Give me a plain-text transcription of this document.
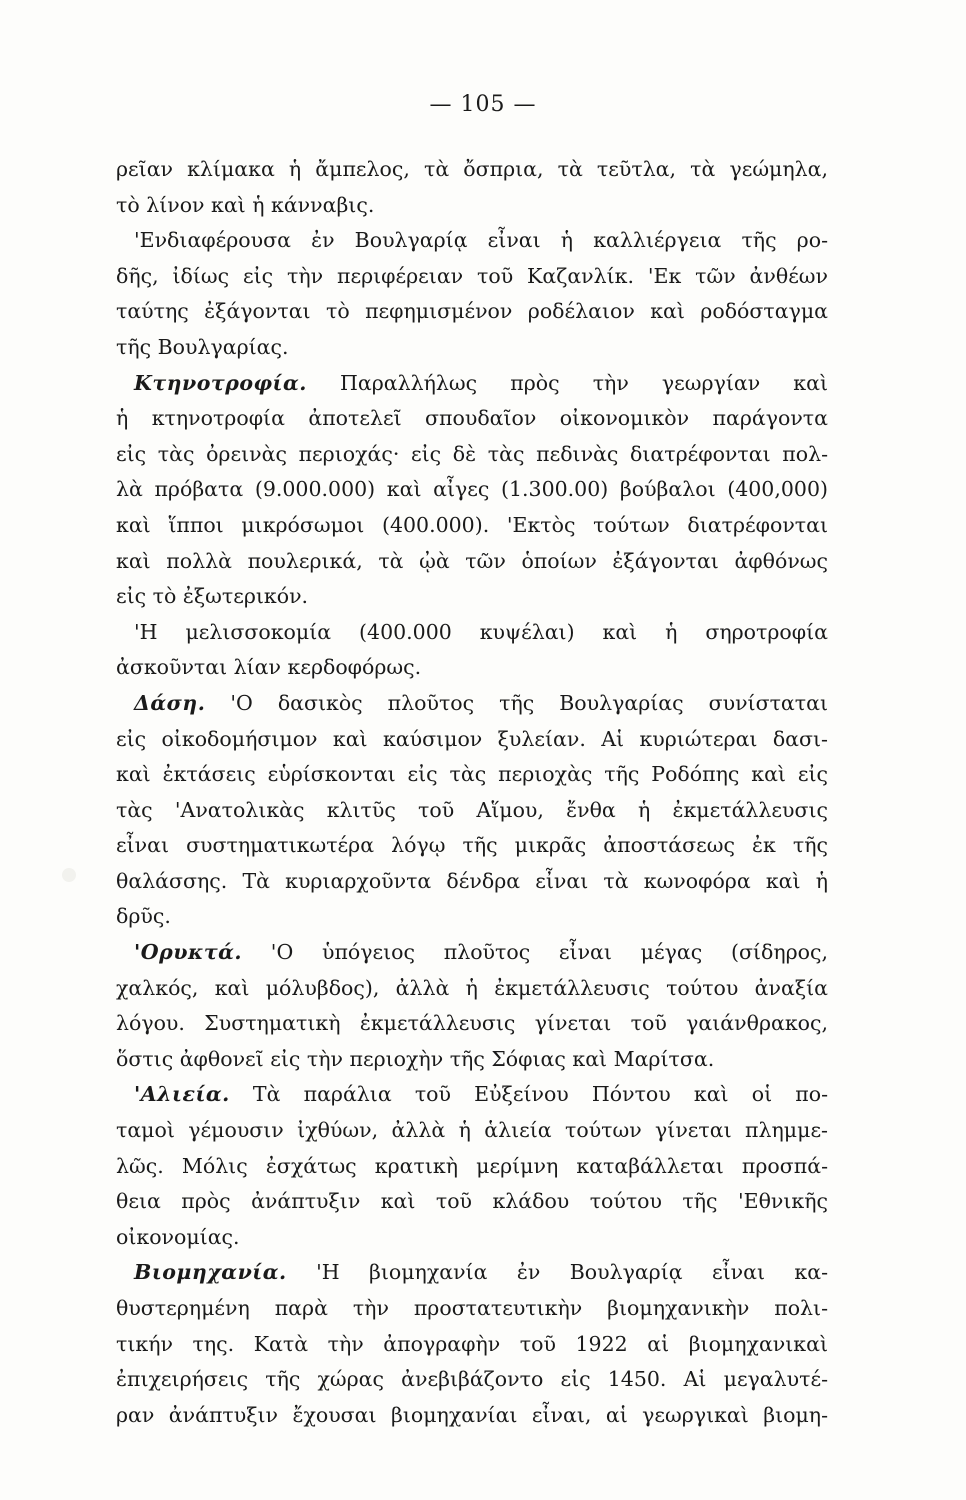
— 105 —
ρεῖαν κλίμακα ἡ ἄμπελος, τὰ ὄσπρια, τὰ τεῦτλα, τὰ γεώμηλα,
τὸ λίνον καὶ ἡ κάνναβις.
'Ενδιαφέρουσα ἐν Βουλγαρίᾳ εἶναι ἡ καλλιέργεια τῆς ρο-
δῆς, ἰδίως εἰς τὴν περιφέρειαν τοῦ Καζανλίκ. 'Εκ τῶν ἀνθέων
ταύτης ἐξάγονται τὸ πεφημισμένον ροδέλαιον καὶ ροδόσταγμα
τῆς Βουλγαρίας.
Κτηνοτροφία. Παραλλήλως πρὸς τὴν γεωργίαν καὶ
ἡ κτηνοτροφία ἀποτελεῖ σπουδαῖον οἰκονομικὸν παράγοντα
εἰς τὰς ὀρεινὰς περιοχάς· εἰς δὲ τὰς πεδινὰς διατρέφονται πολ-
λὰ πρόβατα (9.000.000) καὶ αἶγες (1.300.00) βούβαλοι (400,000)
καὶ ἵπποι μικρόσωμοι (400.000). 'Εκτὸς τούτων διατρέφονται
καὶ πολλὰ πουλερικά, τὰ ᾠὰ τῶν ὁποίων ἐξάγονται ἀφθόνως
εἰς τὸ ἐξωτερικόν.
'Η μελισσοκομία (400.000 κυψέλαι) καὶ ἡ σηροτροφία
ἀσκοῦνται λίαν κερδοφόρως.
Δάση. 'Ο δασικὸς πλοῦτος τῆς Βουλγαρίας συνίσταται
εἰς οἰκοδομήσιμον καὶ καύσιμον ξυλείαν. Αἱ κυριώτεραι δασι-
καὶ ἐκτάσεις εὑρίσκονται εἰς τὰς περιοχὰς τῆς Ροδόπης καὶ εἰς
τὰς 'Ανατολικὰς κλιτῦς τοῦ Αἵμου, ἔνθα ἡ ἐκμετάλλευσις
εἶναι συστηματικωτέρα λόγῳ τῆς μικρᾶς ἀποστάσεως ἐκ τῆς
θαλάσσης. Τὰ κυριαρχοῦντα δένδρα εἶναι τὰ κωνοφόρα καὶ ἡ
δρῦς.
'Ορυκτά. 'Ο ὑπόγειος πλοῦτος εἶναι μέγας (σίδηρος,
χαλκός, καὶ μόλυβδος), ἀλλὰ ἡ ἐκμετάλλευσις τούτου ἀναξία
λόγου. Συστηματικὴ ἐκμετάλλευσις γίνεται τοῦ γαιάνθρακος,
ὅστις ἀφθονεῖ εἰς τὴν περιοχὴν τῆς Σόφιας καὶ Μαρίτσα.
'Αλιεία. Τὰ παράλια τοῦ Εὐξείνου Πόντου καὶ οἱ πο-
ταμοὶ γέμουσιν ἰχθύων, ἀλλὰ ἡ ἁλιεία τούτων γίνεται πλημμε-
λῶς. Μόλις ἐσχάτως κρατικὴ μερίμνη καταβάλλεται προσπά-
θεια πρὸς ἀνάπτυξιν καὶ τοῦ κλάδου τούτου τῆς 'Εθνικῆς
οἰκονομίας.
Βιομηχανία. 'Η βιομηχανία ἐν Βουλγαρίᾳ εἶναι κα-
θυστερημένη παρὰ τὴν προστατευτικὴν βιομηχανικὴν πολι-
τικήν της. Κατὰ τὴν ἀπογραφὴν τοῦ 1922 αἱ βιομηχανικαὶ
ἐπιχειρήσεις τῆς χώρας ἀνεβιβάζοντο εἰς 1450. Αἱ μεγαλυτέ-
ραν ἀνάπτυξιν ἔχουσαι βιομηχανίαι εἶναι, αἱ γεωργικαὶ βιομη-
